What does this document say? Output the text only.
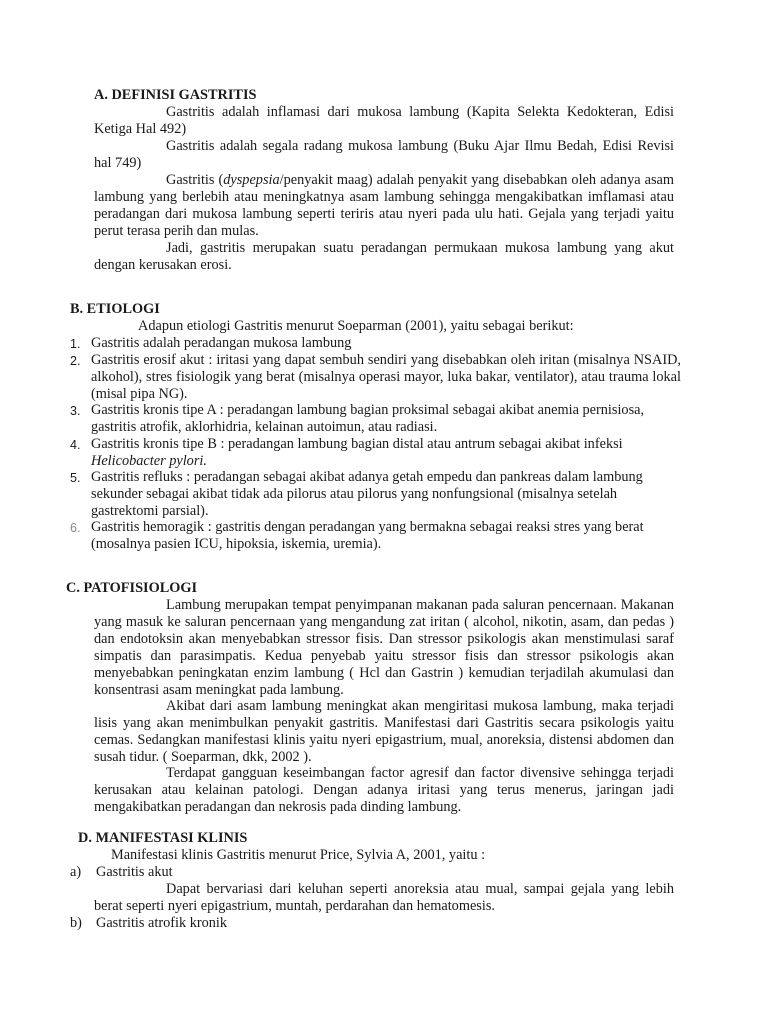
A. DEFINISI GASTRITIS
Gastritis adalah inflamasi dari mukosa lambung (Kapita Selekta Kedokteran, Edisi Ketiga Hal 492)
Gastritis adalah segala radang mukosa lambung (Buku Ajar Ilmu Bedah, Edisi Revisi hal 749)
Gastritis (dyspepsia/penyakit maag) adalah penyakit yang disebabkan oleh adanya asam lambung yang berlebih atau meningkatnya asam lambung sehingga mengakibatkan imflamasi atau peradangan dari mukosa lambung seperti teriris atau nyeri pada ulu hati. Gejala yang terjadi yaitu perut terasa perih dan mulas.
Jadi, gastritis merupakan suatu peradangan permukaan mukosa lambung yang akut dengan kerusakan erosi.
B. ETIOLOGI
Adapun etiologi Gastritis menurut Soeparman (2001), yaitu sebagai berikut:
1. Gastritis adalah peradangan mukosa lambung
2. Gastritis erosif akut : iritasi yang dapat sembuh sendiri yang disebabkan oleh iritan (misalnya NSAID, alkohol), stres fisiologik yang berat (misalnya operasi mayor, luka bakar, ventilator), atau trauma lokal (misal pipa NG).
3. Gastritis kronis tipe A : peradangan lambung bagian proksimal sebagai akibat anemia pernisiosa, gastritis atrofik, aklorhidria, kelainan autoimun, atau radiasi.
4. Gastritis kronis tipe B : peradangan lambung bagian distal atau antrum sebagai akibat infeksi
Helicobacter pylori.
5. Gastritis refluks : peradangan sebagai akibat adanya getah empedu dan pankreas dalam lambung sekunder sebagai akibat tidak ada pilorus atau pilorus yang nonfungsional (misalnya setelah gastrektomi parsial).
6. Gastritis hemoragik : gastritis dengan peradangan yang bermakna sebagai reaksi stres yang berat (mosalnya pasien ICU, hipoksia, iskemia, uremia).
C. PATOFISIOLOGI
Lambung merupakan tempat penyimpanan makanan pada saluran pencernaan. Makanan yang masuk ke saluran pencernaan yang mengandung zat iritan ( alcohol, nikotin, asam, dan pedas ) dan endotoksin akan menyebabkan stressor fisis. Dan stressor psikologis akan menstimulasi saraf simpatis dan parasimpatis. Kedua penyebab yaitu stressor fisis dan stressor psikologis akan menyebabkan peningkatan enzim lambung ( Hcl dan Gastrin ) kemudian terjadilah akumulasi dan konsentrasi asam meningkat pada lambung.
Akibat dari asam lambung meningkat akan mengiritasi mukosa lambung, maka terjadi lisis yang akan menimbulkan penyakit gastritis. Manifestasi dari Gastritis secara psikologis yaitu cemas. Sedangkan manifestasi klinis yaitu nyeri epigastrium, mual, anoreksia, distensi abdomen dan susah tidur. ( Soeparman, dkk, 2002 ).
Terdapat gangguan keseimbangan factor agresif dan factor divensive sehingga terjadi kerusakan atau kelainan patologi. Dengan adanya iritasi yang terus menerus, jaringan jadi mengakibatkan peradangan dan nekrosis pada dinding lambung.
D. MANIFESTASI KLINIS
Manifestasi klinis Gastritis menurut Price, Sylvia A, 2001, yaitu :
a) Gastritis akut
Dapat bervariasi dari keluhan seperti anoreksia atau mual, sampai gejala yang lebih berat seperti nyeri epigastrium, muntah, perdarahan dan hematomesis.
b) Gastritis atrofik kronik
